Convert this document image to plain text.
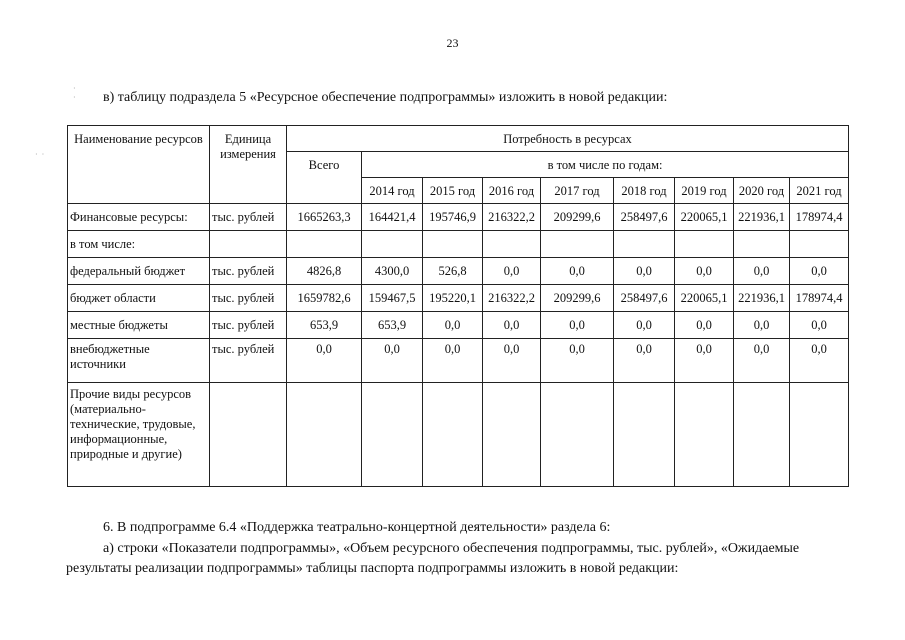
23
·
·
· ·
в) таблицу подраздела 5 «Ресурсное обеспечение подпрограммы» изложить в новой редакции:
Наименование ресурсов	Единица измерения	Потребность в ресурсах								
		Всего	в том числе по годам:							
			2014 год	2015 год	2016 год	2017 год	2018 год	2019 год	2020 год	2021 год
Финансовые ресурсы:	тыс. рублей	1665263,3	164421,4	195746,9	216322,2	209299,6	258497,6	220065,1	221936,1	178974,4
в том числе:										
федеральный бюджет	тыс. рублей	4826,8	4300,0	526,8	0,0	0,0	0,0	0,0	0,0	0,0
бюджет области	тыс. рублей	1659782,6	159467,5	195220,1	216322,2	209299,6	258497,6	220065,1	221936,1	178974,4
местные бюджеты	тыс. рублей	653,9	653,9	0,0	0,0	0,0	0,0	0,0	0,0	0,0
внебюджетные источники	тыс. рублей	0,0	0,0	0,0	0,0	0,0	0,0	0,0	0,0	0,0
Прочие виды ресурсов (материально-технические, трудовые, информационные, природные и другие)										
6. В подпрограмме 6.4 «Поддержка театрально-концертной деятельности» раздела 6:
а) строки «Показатели подпрограммы», «Объем ресурсного обеспечения подпрограммы, тыс. рублей», «Ожидаемые
результаты реализации подпрограммы» таблицы паспорта подпрограммы изложить в новой редакции:
